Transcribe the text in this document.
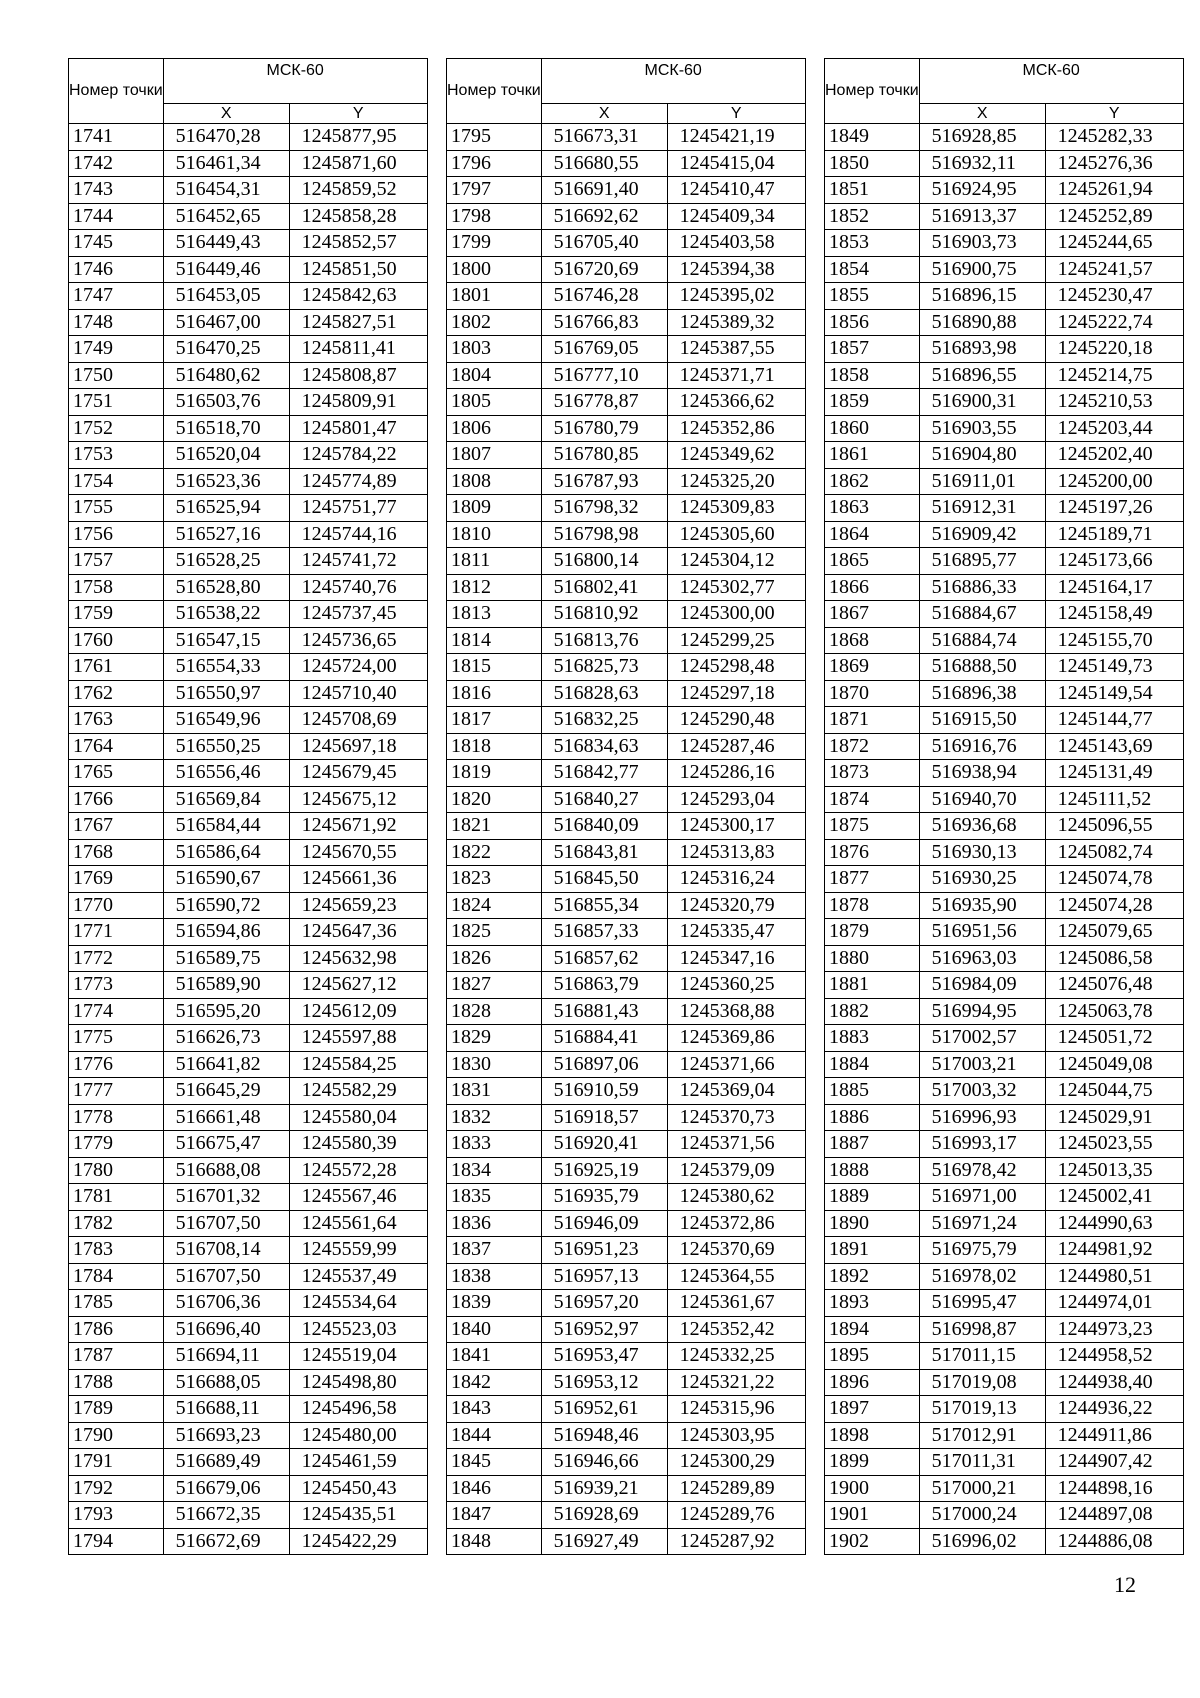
Номер точки	МСК-60	
	X	Y
1741	516470,28	1245877,95
1742	516461,34	1245871,60
1743	516454,31	1245859,52
1744	516452,65	1245858,28
1745	516449,43	1245852,57
1746	516449,46	1245851,50
1747	516453,05	1245842,63
1748	516467,00	1245827,51
1749	516470,25	1245811,41
1750	516480,62	1245808,87
1751	516503,76	1245809,91
1752	516518,70	1245801,47
1753	516520,04	1245784,22
1754	516523,36	1245774,89
1755	516525,94	1245751,77
1756	516527,16	1245744,16
1757	516528,25	1245741,72
1758	516528,80	1245740,76
1759	516538,22	1245737,45
1760	516547,15	1245736,65
1761	516554,33	1245724,00
1762	516550,97	1245710,40
1763	516549,96	1245708,69
1764	516550,25	1245697,18
1765	516556,46	1245679,45
1766	516569,84	1245675,12
1767	516584,44	1245671,92
1768	516586,64	1245670,55
1769	516590,67	1245661,36
1770	516590,72	1245659,23
1771	516594,86	1245647,36
1772	516589,75	1245632,98
1773	516589,90	1245627,12
1774	516595,20	1245612,09
1775	516626,73	1245597,88
1776	516641,82	1245584,25
1777	516645,29	1245582,29
1778	516661,48	1245580,04
1779	516675,47	1245580,39
1780	516688,08	1245572,28
1781	516701,32	1245567,46
1782	516707,50	1245561,64
1783	516708,14	1245559,99
1784	516707,50	1245537,49
1785	516706,36	1245534,64
1786	516696,40	1245523,03
1787	516694,11	1245519,04
1788	516688,05	1245498,80
1789	516688,11	1245496,58
1790	516693,23	1245480,00
1791	516689,49	1245461,59
1792	516679,06	1245450,43
1793	516672,35	1245435,51
1794	516672,69	1245422,29
Номер точки	МСК-60	
	X	Y
1795	516673,31	1245421,19
1796	516680,55	1245415,04
1797	516691,40	1245410,47
1798	516692,62	1245409,34
1799	516705,40	1245403,58
1800	516720,69	1245394,38
1801	516746,28	1245395,02
1802	516766,83	1245389,32
1803	516769,05	1245387,55
1804	516777,10	1245371,71
1805	516778,87	1245366,62
1806	516780,79	1245352,86
1807	516780,85	1245349,62
1808	516787,93	1245325,20
1809	516798,32	1245309,83
1810	516798,98	1245305,60
1811	516800,14	1245304,12
1812	516802,41	1245302,77
1813	516810,92	1245300,00
1814	516813,76	1245299,25
1815	516825,73	1245298,48
1816	516828,63	1245297,18
1817	516832,25	1245290,48
1818	516834,63	1245287,46
1819	516842,77	1245286,16
1820	516840,27	1245293,04
1821	516840,09	1245300,17
1822	516843,81	1245313,83
1823	516845,50	1245316,24
1824	516855,34	1245320,79
1825	516857,33	1245335,47
1826	516857,62	1245347,16
1827	516863,79	1245360,25
1828	516881,43	1245368,88
1829	516884,41	1245369,86
1830	516897,06	1245371,66
1831	516910,59	1245369,04
1832	516918,57	1245370,73
1833	516920,41	1245371,56
1834	516925,19	1245379,09
1835	516935,79	1245380,62
1836	516946,09	1245372,86
1837	516951,23	1245370,69
1838	516957,13	1245364,55
1839	516957,20	1245361,67
1840	516952,97	1245352,42
1841	516953,47	1245332,25
1842	516953,12	1245321,22
1843	516952,61	1245315,96
1844	516948,46	1245303,95
1845	516946,66	1245300,29
1846	516939,21	1245289,89
1847	516928,69	1245289,76
1848	516927,49	1245287,92
Номер точки	МСК-60	
	X	Y
1849	516928,85	1245282,33
1850	516932,11	1245276,36
1851	516924,95	1245261,94
1852	516913,37	1245252,89
1853	516903,73	1245244,65
1854	516900,75	1245241,57
1855	516896,15	1245230,47
1856	516890,88	1245222,74
1857	516893,98	1245220,18
1858	516896,55	1245214,75
1859	516900,31	1245210,53
1860	516903,55	1245203,44
1861	516904,80	1245202,40
1862	516911,01	1245200,00
1863	516912,31	1245197,26
1864	516909,42	1245189,71
1865	516895,77	1245173,66
1866	516886,33	1245164,17
1867	516884,67	1245158,49
1868	516884,74	1245155,70
1869	516888,50	1245149,73
1870	516896,38	1245149,54
1871	516915,50	1245144,77
1872	516916,76	1245143,69
1873	516938,94	1245131,49
1874	516940,70	1245111,52
1875	516936,68	1245096,55
1876	516930,13	1245082,74
1877	516930,25	1245074,78
1878	516935,90	1245074,28
1879	516951,56	1245079,65
1880	516963,03	1245086,58
1881	516984,09	1245076,48
1882	516994,95	1245063,78
1883	517002,57	1245051,72
1884	517003,21	1245049,08
1885	517003,32	1245044,75
1886	516996,93	1245029,91
1887	516993,17	1245023,55
1888	516978,42	1245013,35
1889	516971,00	1245002,41
1890	516971,24	1244990,63
1891	516975,79	1244981,92
1892	516978,02	1244980,51
1893	516995,47	1244974,01
1894	516998,87	1244973,23
1895	517011,15	1244958,52
1896	517019,08	1244938,40
1897	517019,13	1244936,22
1898	517012,91	1244911,86
1899	517011,31	1244907,42
1900	517000,21	1244898,16
1901	517000,24	1244897,08
1902	516996,02	1244886,08
12
